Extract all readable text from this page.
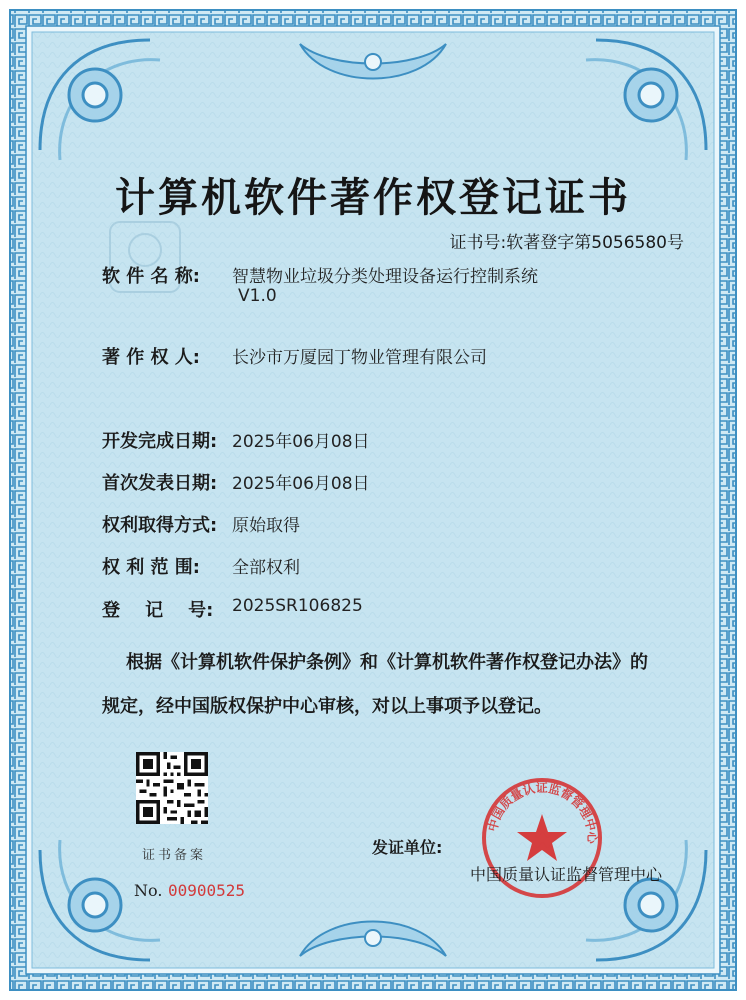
计算机软件著作权登记证书
证书号:软著登字第5056580号
软 件 名 称: 智慧物业垃圾分类处理设备运行控制系统
V1.0
著 作 权 人: 长沙市万厦园丁物业管理有限公司
开发完成日期: 2025年06月08日
首次发表日期: 2025年06月08日
权利取得方式: 原始取得
权 利 范 围: 全部权利
登    记    号: 2025SR106825
根据《计算机软件保护条例》和《计算机软件著作权登记办法》的
规定，经中国版权保护中心审核，对以上事项予以登记。
证书备案
No. 00900525
发证单位:
中国质量认证监督管理中心
中国质量认证监督管理中心
